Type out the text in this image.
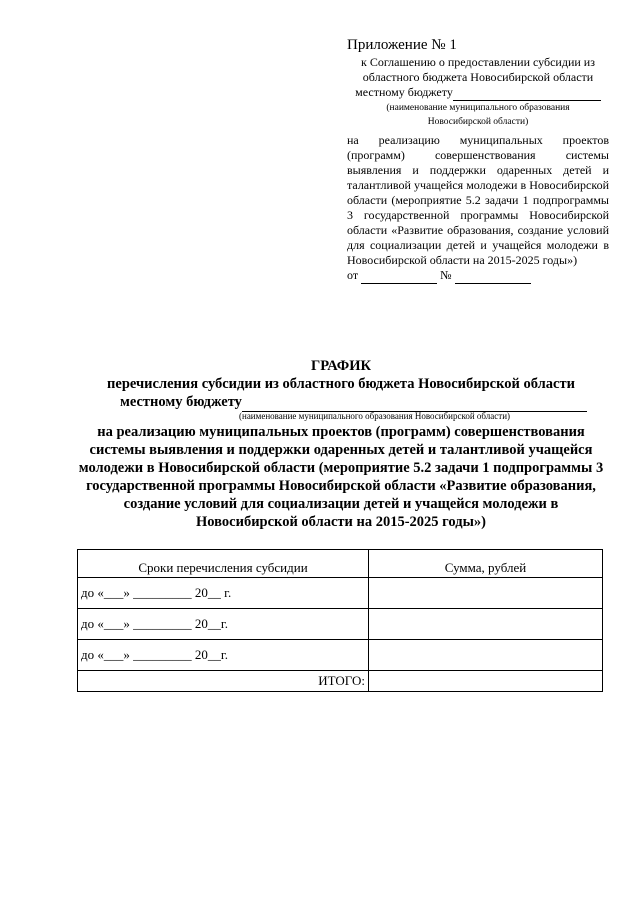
Приложение № 1
к Соглашению о предоставлении субсидии из
областного бюджета Новосибирской области
местному бюджету
(наименование муниципального образования
Новосибирской области)
на реализацию муниципальных проектов (программ) совершенствования системы выявления и поддержки одаренных детей и талантливой учащейся молодежи в Новосибирской области (мероприятие 5.2 задачи 1 подпрограммы 3 государственной программы Новосибирской области «Развитие образования, создание условий для социализации детей и учащейся молодежи в Новосибирской области на 2015-2025 годы»)
от	№
ГРАФИК
перечисления субсидии из областного бюджета Новосибирской области
местному бюджету
(наименование муниципального образования Новосибирской области)
на реализацию муниципальных проектов (программ) совершенствования системы выявления и поддержки одаренных детей и талантливой учащейся молодежи в Новосибирской области (мероприятие 5.2 задачи 1 подпрограммы 3 государственной программы Новосибирской области «Развитие образования, создание условий для социализации детей и учащейся молодежи в Новосибирской области на 2015-2025 годы»)
Сроки перечисления субсидии	Сумма, рублей
до «___» _________ 20__ г.	
до «___» _________ 20__г.	
до «___» _________ 20__г.	
ИТОГО:	
